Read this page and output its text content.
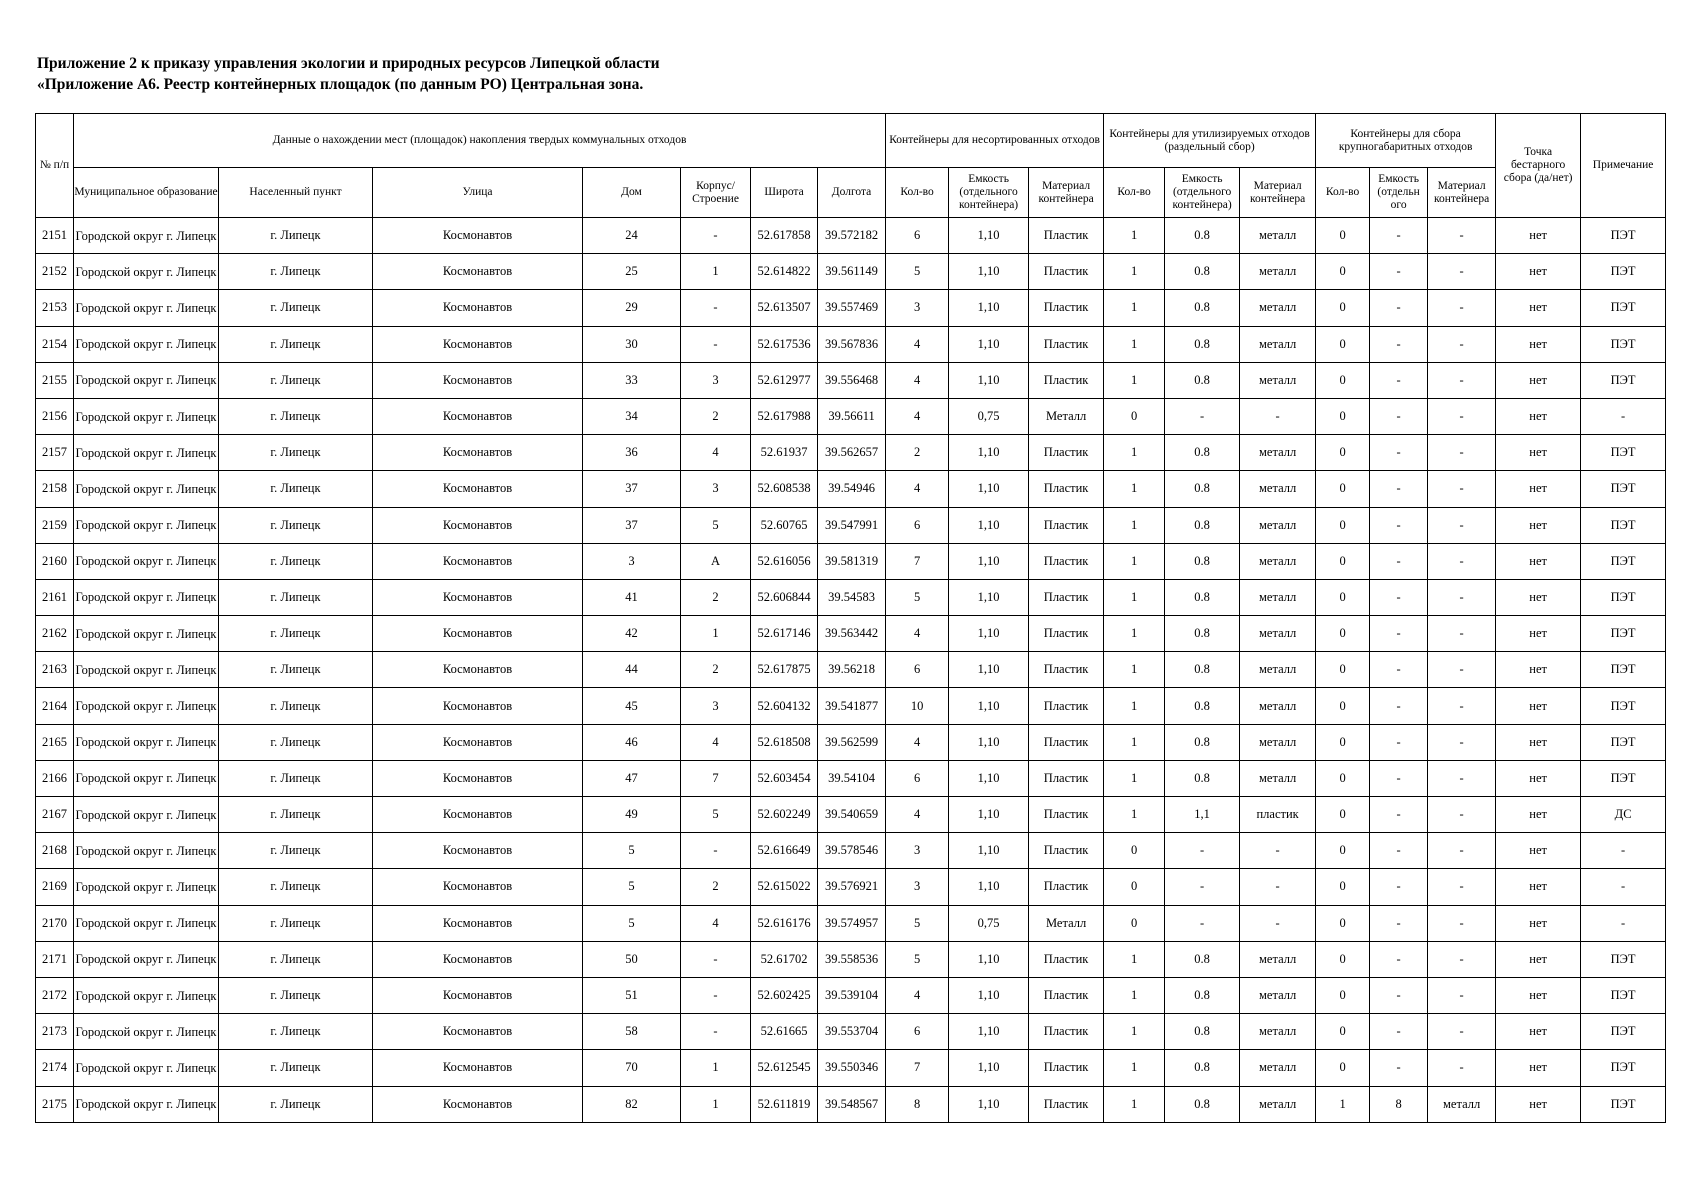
Приложение 2 к приказу управления экологии и природных ресурсов Липецкой области
«Приложение А6. Реестр контейнерных площадок (по данным РО) Центральная зона.
№ п/п	Данные о нахождении мест (площадок) накопления твердых коммунальных отходов							Контейнеры для несортированных отходов			Контейнеры для утилизируемых отходов (раздельный сбор)			Контейнеры для сбора крупногабаритных отходов			Точка бестарного сбора (да/нет)	Примечание
	Муниципальное образование	Населенный пункт	Улица	Дом	Корпус/ Строение	Широта	Долгота	Кол-во	Емкость (отдельного контейнера)	Материал контейнера	Кол-во	Емкость (отдельного контейнера)	Материал контейнера	Кол-во	Емкость (отдельн ого	Материал контейнера		
2151	Городской округ г. Липецк	г. Липецк	Космонавтов	24	-	52.617858	39.572182	6	1,10	Пластик	1	0.8	металл	0	-	-	нет	ПЭТ
2152	Городской округ г. Липецк	г. Липецк	Космонавтов	25	1	52.614822	39.561149	5	1,10	Пластик	1	0.8	металл	0	-	-	нет	ПЭТ
2153	Городской округ г. Липецк	г. Липецк	Космонавтов	29	-	52.613507	39.557469	3	1,10	Пластик	1	0.8	металл	0	-	-	нет	ПЭТ
2154	Городской округ г. Липецк	г. Липецк	Космонавтов	30	-	52.617536	39.567836	4	1,10	Пластик	1	0.8	металл	0	-	-	нет	ПЭТ
2155	Городской округ г. Липецк	г. Липецк	Космонавтов	33	3	52.612977	39.556468	4	1,10	Пластик	1	0.8	металл	0	-	-	нет	ПЭТ
2156	Городской округ г. Липецк	г. Липецк	Космонавтов	34	2	52.617988	39.56611	4	0,75	Металл	0	-	-	0	-	-	нет	-
2157	Городской округ г. Липецк	г. Липецк	Космонавтов	36	4	52.61937	39.562657	2	1,10	Пластик	1	0.8	металл	0	-	-	нет	ПЭТ
2158	Городской округ г. Липецк	г. Липецк	Космонавтов	37	3	52.608538	39.54946	4	1,10	Пластик	1	0.8	металл	0	-	-	нет	ПЭТ
2159	Городской округ г. Липецк	г. Липецк	Космонавтов	37	5	52.60765	39.547991	6	1,10	Пластик	1	0.8	металл	0	-	-	нет	ПЭТ
2160	Городской округ г. Липецк	г. Липецк	Космонавтов	3	А	52.616056	39.581319	7	1,10	Пластик	1	0.8	металл	0	-	-	нет	ПЭТ
2161	Городской округ г. Липецк	г. Липецк	Космонавтов	41	2	52.606844	39.54583	5	1,10	Пластик	1	0.8	металл	0	-	-	нет	ПЭТ
2162	Городской округ г. Липецк	г. Липецк	Космонавтов	42	1	52.617146	39.563442	4	1,10	Пластик	1	0.8	металл	0	-	-	нет	ПЭТ
2163	Городской округ г. Липецк	г. Липецк	Космонавтов	44	2	52.617875	39.56218	6	1,10	Пластик	1	0.8	металл	0	-	-	нет	ПЭТ
2164	Городской округ г. Липецк	г. Липецк	Космонавтов	45	3	52.604132	39.541877	10	1,10	Пластик	1	0.8	металл	0	-	-	нет	ПЭТ
2165	Городской округ г. Липецк	г. Липецк	Космонавтов	46	4	52.618508	39.562599	4	1,10	Пластик	1	0.8	металл	0	-	-	нет	ПЭТ
2166	Городской округ г. Липецк	г. Липецк	Космонавтов	47	7	52.603454	39.54104	6	1,10	Пластик	1	0.8	металл	0	-	-	нет	ПЭТ
2167	Городской округ г. Липецк	г. Липецк	Космонавтов	49	5	52.602249	39.540659	4	1,10	Пластик	1	1,1	пластик	0	-	-	нет	ДС
2168	Городской округ г. Липецк	г. Липецк	Космонавтов	5	-	52.616649	39.578546	3	1,10	Пластик	0	-	-	0	-	-	нет	-
2169	Городской округ г. Липецк	г. Липецк	Космонавтов	5	2	52.615022	39.576921	3	1,10	Пластик	0	-	-	0	-	-	нет	-
2170	Городской округ г. Липецк	г. Липецк	Космонавтов	5	4	52.616176	39.574957	5	0,75	Металл	0	-	-	0	-	-	нет	-
2171	Городской округ г. Липецк	г. Липецк	Космонавтов	50	-	52.61702	39.558536	5	1,10	Пластик	1	0.8	металл	0	-	-	нет	ПЭТ
2172	Городской округ г. Липецк	г. Липецк	Космонавтов	51	-	52.602425	39.539104	4	1,10	Пластик	1	0.8	металл	0	-	-	нет	ПЭТ
2173	Городской округ г. Липецк	г. Липецк	Космонавтов	58	-	52.61665	39.553704	6	1,10	Пластик	1	0.8	металл	0	-	-	нет	ПЭТ
2174	Городской округ г. Липецк	г. Липецк	Космонавтов	70	1	52.612545	39.550346	7	1,10	Пластик	1	0.8	металл	0	-	-	нет	ПЭТ
2175	Городской округ г. Липецк	г. Липецк	Космонавтов	82	1	52.611819	39.548567	8	1,10	Пластик	1	0.8	металл	1	8	металл	нет	ПЭТ
